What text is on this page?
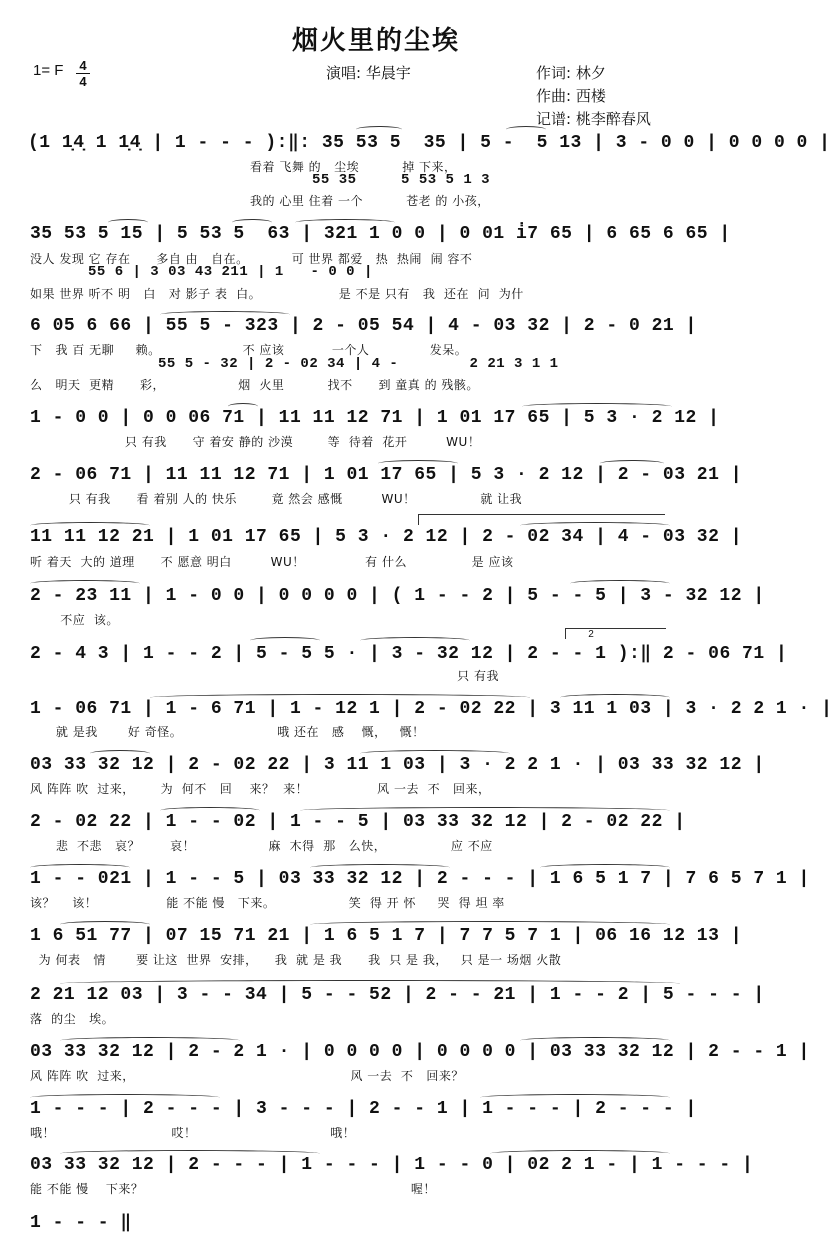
烟火里的尘埃
1= F 4
4	演唱: 华晨宇	作词: 林夕
作曲: 西楼
记谱: 桃李醉春风
(1 1̣4̣ 1 1̣4̣ | 1 - - - ):‖: 35 53 5  35 | 5 -  5 13 | 3 - 0 0 | 0 0 0 0 |
看着 飞舞 的   尘埃          掉 下来，
55 35     5 53 5 1 3
我的 心里 住着 一个          苍老 的 小孩，
35 53 5 15 | 5 53 5  63 | 321 1 0 0 | 0 01 i̇7 65 | 6 65 6 65 |
没人 发现 它 存在      多自 由   自在。          可 世界 都爱   热  热闹  闹 容不
55 6 | 3 03 43 211 | 1   - 0 0 |
如果 世界 听不 明   白   对 影子 表  白。                  是 不是 只有   我  还在  问  为什
6 05 6 66 | 55 5 - 323 | 2 - 05 54 | 4 - 03 32 | 2 - 0 21 |
下   我 百 无聊     赖。                   不 应该           一个人              发呆。
55 5 - 32 | 2 - 02 34 | 4 -        2 21 3 1 1
么   明天  更精      彩，                 烟  火里          找不      到 童真 的 残骸。
1 - 0 0 | 0 0 06 71 | 11 11 12 71 | 1 01 17 65 | 5 3 · 2 12 |
只 有我      守 着安 静的 沙漠        等  待着  花开         WU！
2 - 06 71 | 11 11 12 71 | 1 01 17 65 | 5 3 · 2 12 | 2 - 03 21 |
只 有我      看 着别 人的 快乐        竟 然会 感慨         WU！               就 让我
11 11 12 21 | 1 01 17 65 | 5 3 · 2 12 | 2 - 02 34 | 4 - 03 32 |
听 着天  大的 道理      不 愿意 明白         WU！              有 什么               是 应该
2 - 23 11 | 1 - 0 0 | 0 0 0 0 | ( 1 - - 2 | 5 - - 5 | 3 - 32 12 |
不应  该。
2
2 - 4 3 | 1 - - 2 | 5 - 5 5 · | 3 - 32 12 | 2 - - 1 ):‖ 2 - 06 71 |
只 有我
1 - 06 71 | 1 - 6 71 | 1 - 12 1 | 2 - 02 22 | 3 11 1 03 | 3 · 2 2 1 · |
就 是我       好 奇怪。                      哦 还在   感    慨，   慨！
03 33 32 12 | 2 - 02 22 | 3 11 1 03 | 3 · 2 2 1 · | 03 33 32 12 |
风 阵阵 吹  过来，      为  何不   回    来？  来！                风 一去  不   回来，
2 - 02 22 | 1 - - 02 | 1 - - 5 | 03 33 32 12 | 2 - 02 22 |
悲  不悲   哀？       哀！                 麻  木得  那   么快，               应 不应
1 - - 021 | 1 - - 5 | 03 33 32 12 | 2 - - - | 1 6 5 1 7 | 7 6 5 7 1 |
该？    该！                能 不能 慢   下来。                 笑  得 开 怀     哭  得 坦 率
1 6 51 77 | 07 15 71 21 | 1 6 5 1 7 | 7 7 5 7 1 | 06 16 12 13 |
为 何表   情       要 让这  世界  安排，    我  就 是 我      我  只 是 我，   只 是一 场烟 火散
2 21 12 03 | 3 - - 34 | 5 - - 52 | 2 - - 21 | 1 - - 2 | 5 - - - |
落  的尘   埃。
03 33 32 12 | 2 - 2 1 · | 0 0 0 0 | 0 0 0 0 | 03 33 32 12 | 2 - - 1 |
风 阵阵 吹  过来，                                                  风 一去  不   回来？
1 - - - | 2 - - - | 3 - - - | 2 - - 1 | 1 - - - | 2 - - - |
哦！                           哎！                               哦！
03 33 32 12 | 2 - - - | 1 - - - | 1 - - 0 | 02 2 1 - | 1 - - - |
能 不能 慢    下来？                                                              喔！
1 - - - ‖
